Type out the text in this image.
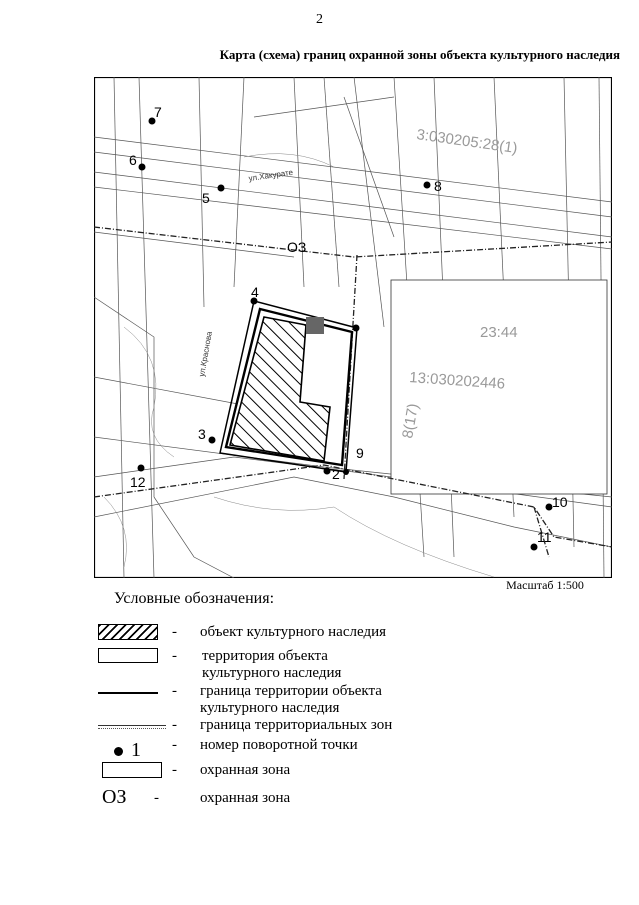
2
Карта (схема) границ охранной зоны объекта культурного наследия
2
3
4
5
6
7
8
9
10
11
12
ОЗ
3:030205:28(1)
13:030202446
23:44
8(17)
ул.Хакурате
ул.Краснова
Масштаб 1:500
Условные обозначения:
- объект культурного наследия
- территория объекта
культурного наследия
- граница территории объекта
культурного наследия
- граница территориальных зон
1 - номер поворотной точки
- охранная зона
ОЗ -	охранная зона
